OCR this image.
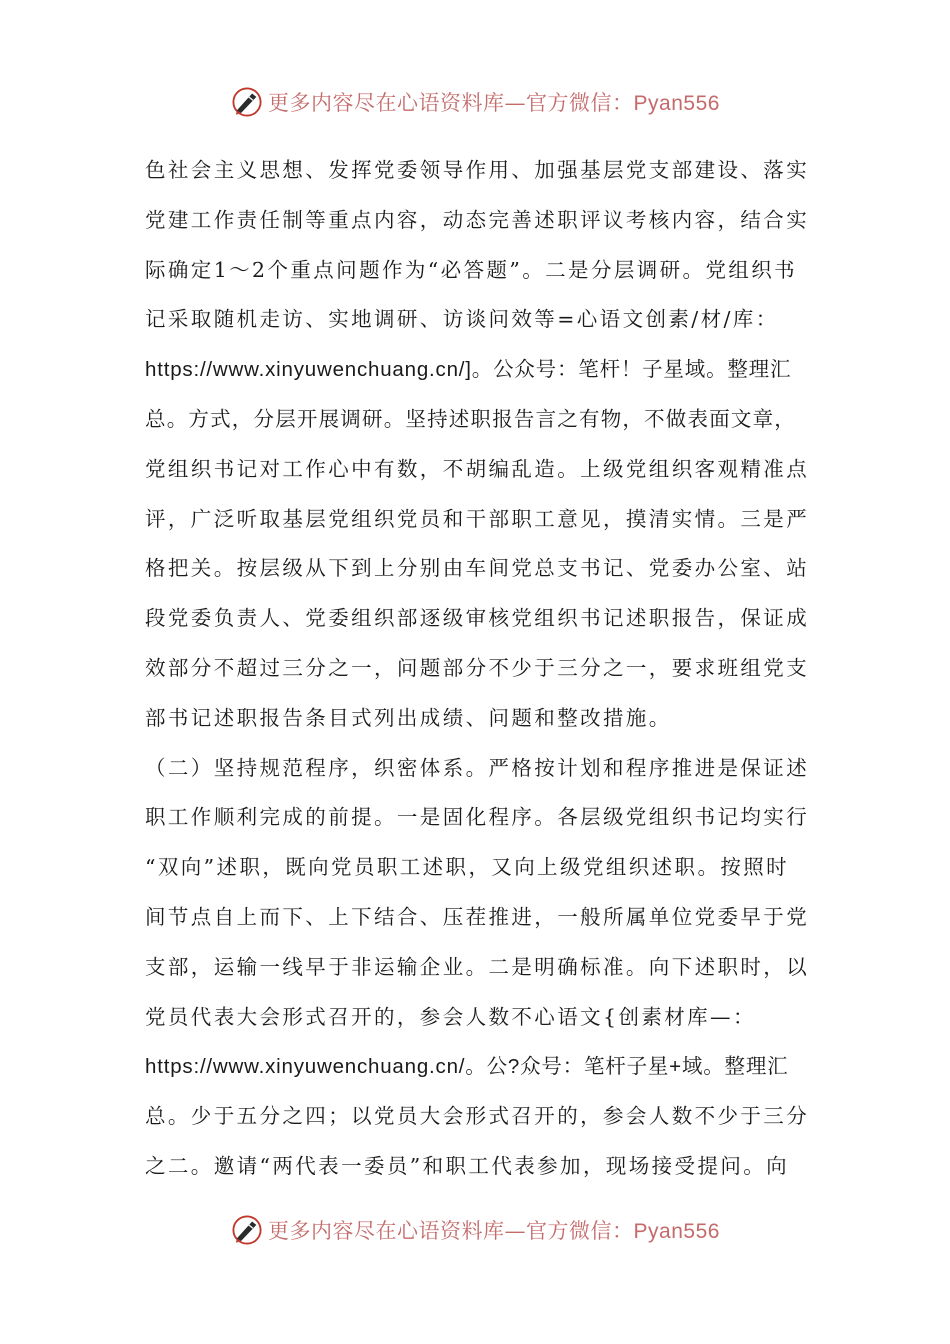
更多内容尽在心语资料库—官方微信：Pyan556
色社会主义思想、发挥党委领导作用、加强基层党支部建设、落实
党建工作责任制等重点内容，动态完善述职评议考核内容，结合实
际确定1～2个重点问题作为“必答题”。二是分层调研。党组织书
记采取随机走访、实地调研、访谈问效等=心语文创素/材/库：
https://www.xinyuwenchuang.cn/]。公众号：笔杆！子星域。整理汇
总。方式，分层开展调研。坚持述职报告言之有物，不做表面文章，
党组织书记对工作心中有数，不胡编乱造。上级党组织客观精准点
评，广泛听取基层党组织党员和干部职工意见，摸清实情。三是严
格把关。按层级从下到上分别由车间党总支书记、党委办公室、站
段党委负责人、党委组织部逐级审核党组织书记述职报告，保证成
效部分不超过三分之一，问题部分不少于三分之一，要求班组党支
部书记述职报告条目式列出成绩、问题和整改措施。
（二）坚持规范程序，织密体系。严格按计划和程序推进是保证述
职工作顺利完成的前提。一是固化程序。各层级党组织书记均实行
“双向”述职，既向党员职工述职，又向上级党组织述职。按照时
间节点自上而下、上下结合、压茬推进，一般所属单位党委早于党
支部，运输一线早于非运输企业。二是明确标准。向下述职时，以
党员代表大会形式召开的，参会人数不心语文{创素材库—：
https://www.xinyuwenchuang.cn/。公?众号：笔杆子星+域。整理汇
总。少于五分之四；以党员大会形式召开的，参会人数不少于三分
之二。邀请“两代表一委员”和职工代表参加，现场接受提问。向
更多内容尽在心语资料库—官方微信：Pyan556
